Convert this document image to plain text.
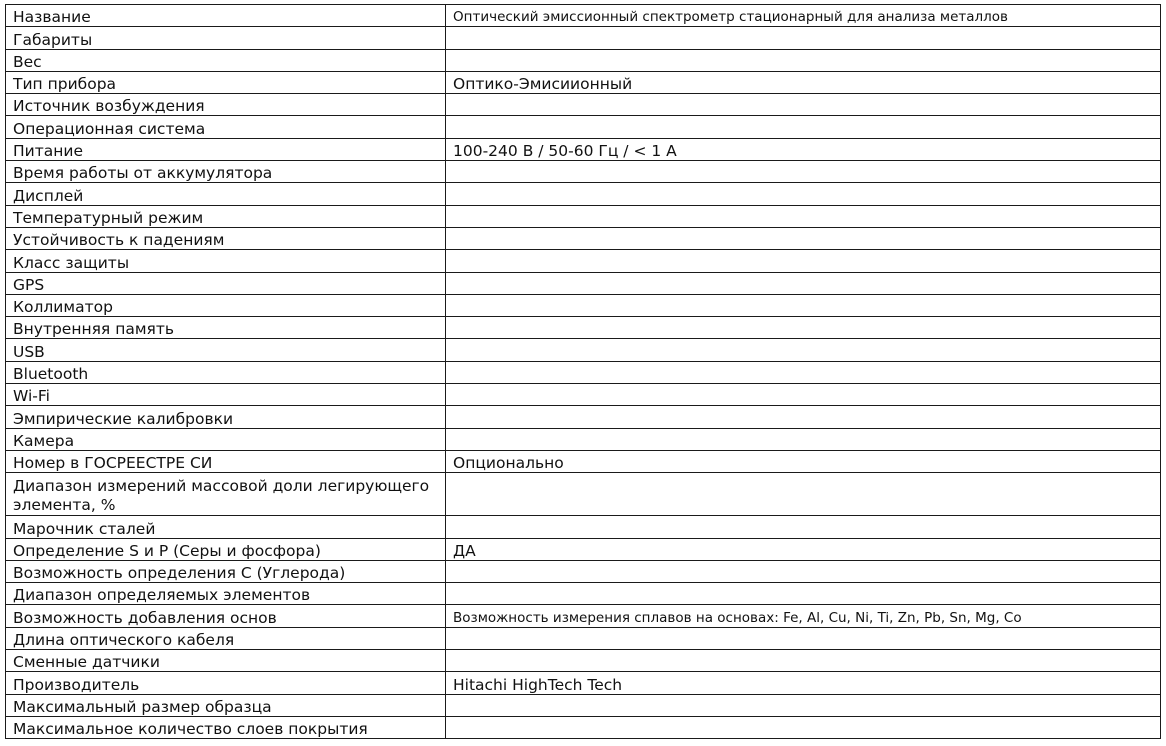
Название	Оптический эмиссионный спектрометр стационарный для анализа металлов
Габариты	
Вес	
Тип прибора	Оптико-Эмисиионный
Источник возбуждения	
Операционная система	
Питание	100-240 В / 50-60 Гц / < 1 А
Время работы от аккумулятора	
Дисплей	
Температурный режим	
Устойчивость к падениям	
Класс защиты	
GPS	
Коллиматор	
Внутренняя память	
USB	
Bluetooth	
Wi-Fi	
Эмпирические калибровки	
Камера	
Номер в ГОСРЕЕСТРЕ СИ	Опционально
Диапазон измерений массовой доли легирующего элемента, %	
Марочник сталей	
Определение S и P (Серы и фосфора)	ДА
Возможность определения С (Углерода)	
Диапазон определяемых элементов	
Возможность добавления основ	Возможность измерения сплавов на основах: Fe, Al, Cu, Ni, Ti, Zn, Pb, Sn, Mg, Co
Длина оптического кабеля	
Сменные датчики	
Производитель	Hitachi HighTech Tech
Максимальный размер образца	
Максимальное количество слоев покрытия	
